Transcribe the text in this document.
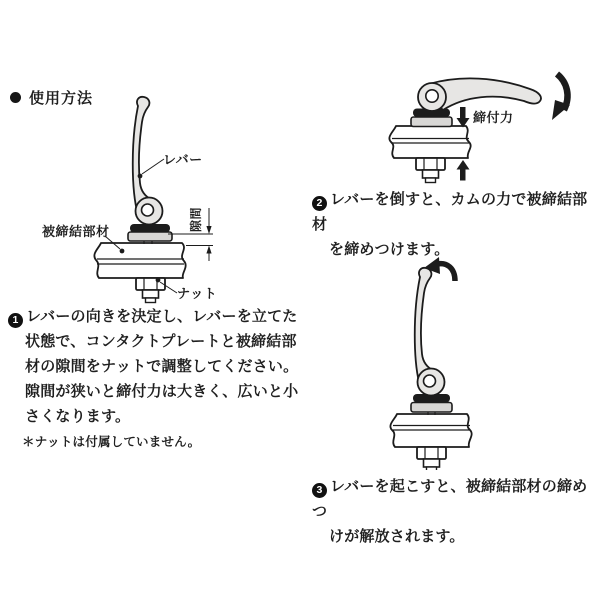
使用方法
レバー
被締結部材
ナット
隙間
1 レバーの向きを決定し、レバーを立てた
状態で、コンタクトプレートと被締結部
材の隙間をナットで調整してください。
隙間が狭いと締付力は大きく、広いと小
さくなります。
＊ナットは付属していません。
締付力
2 レバーを倒すと、カムの力で被締結部材
を締めつけます。
3 レバーを起こすと、被締結部材の締めつ
けが解放されます。
